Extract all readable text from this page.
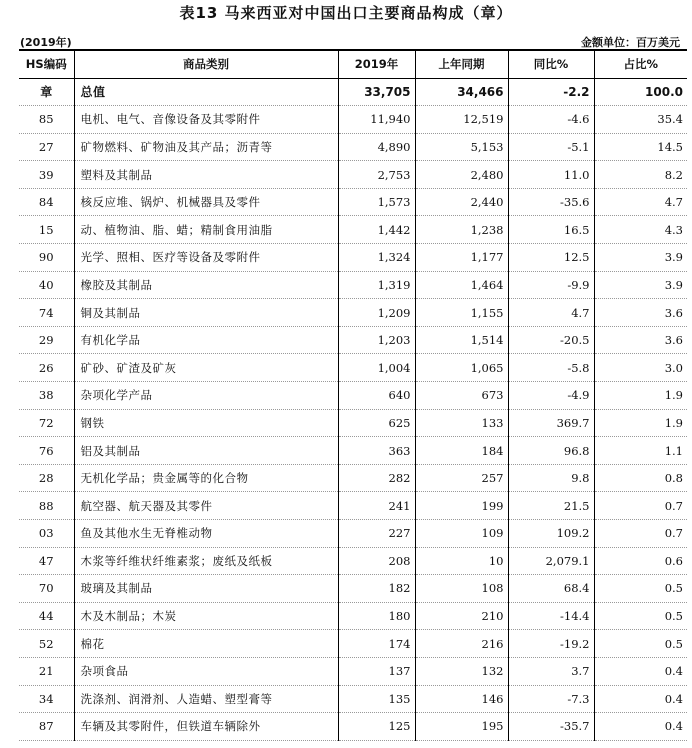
表13 马来西亚对中国出口主要商品构成（章）
(2019年)	金额单位：百万美元
HS编码	商品类别	2019年	上年同期	同比%	占比%
章	总值	33,705	34,466	-2.2	100.0
85	电机、电气、音像设备及其零附件	11,940	12,519	-4.6	35.4
27	矿物燃料、矿物油及其产品；沥青等	4,890	5,153	-5.1	14.5
39	塑料及其制品	2,753	2,480	11.0	8.2
84	核反应堆、锅炉、机械器具及零件	1,573	2,440	-35.6	4.7
15	动、植物油、脂、蜡；精制食用油脂	1,442	1,238	16.5	4.3
90	光学、照相、医疗等设备及零附件	1,324	1,177	12.5	3.9
40	橡胶及其制品	1,319	1,464	-9.9	3.9
74	铜及其制品	1,209	1,155	4.7	3.6
29	有机化学品	1,203	1,514	-20.5	3.6
26	矿砂、矿渣及矿灰	1,004	1,065	-5.8	3.0
38	杂项化学产品	640	673	-4.9	1.9
72	钢铁	625	133	369.7	1.9
76	铝及其制品	363	184	96.8	1.1
28	无机化学品；贵金属等的化合物	282	257	9.8	0.8
88	航空器、航天器及其零件	241	199	21.5	0.7
03	鱼及其他水生无脊椎动物	227	109	109.2	0.7
47	木浆等纤维状纤维素浆；废纸及纸板	208	10	2,079.1	0.6
70	玻璃及其制品	182	108	68.4	0.5
44	木及木制品；木炭	180	210	-14.4	0.5
52	棉花	174	216	-19.2	0.5
21	杂项食品	137	132	3.7	0.4
34	洗涤剂、润滑剂、人造蜡、塑型膏等	135	146	-7.3	0.4
87	车辆及其零附件，但铁道车辆除外	125	195	-35.7	0.4
